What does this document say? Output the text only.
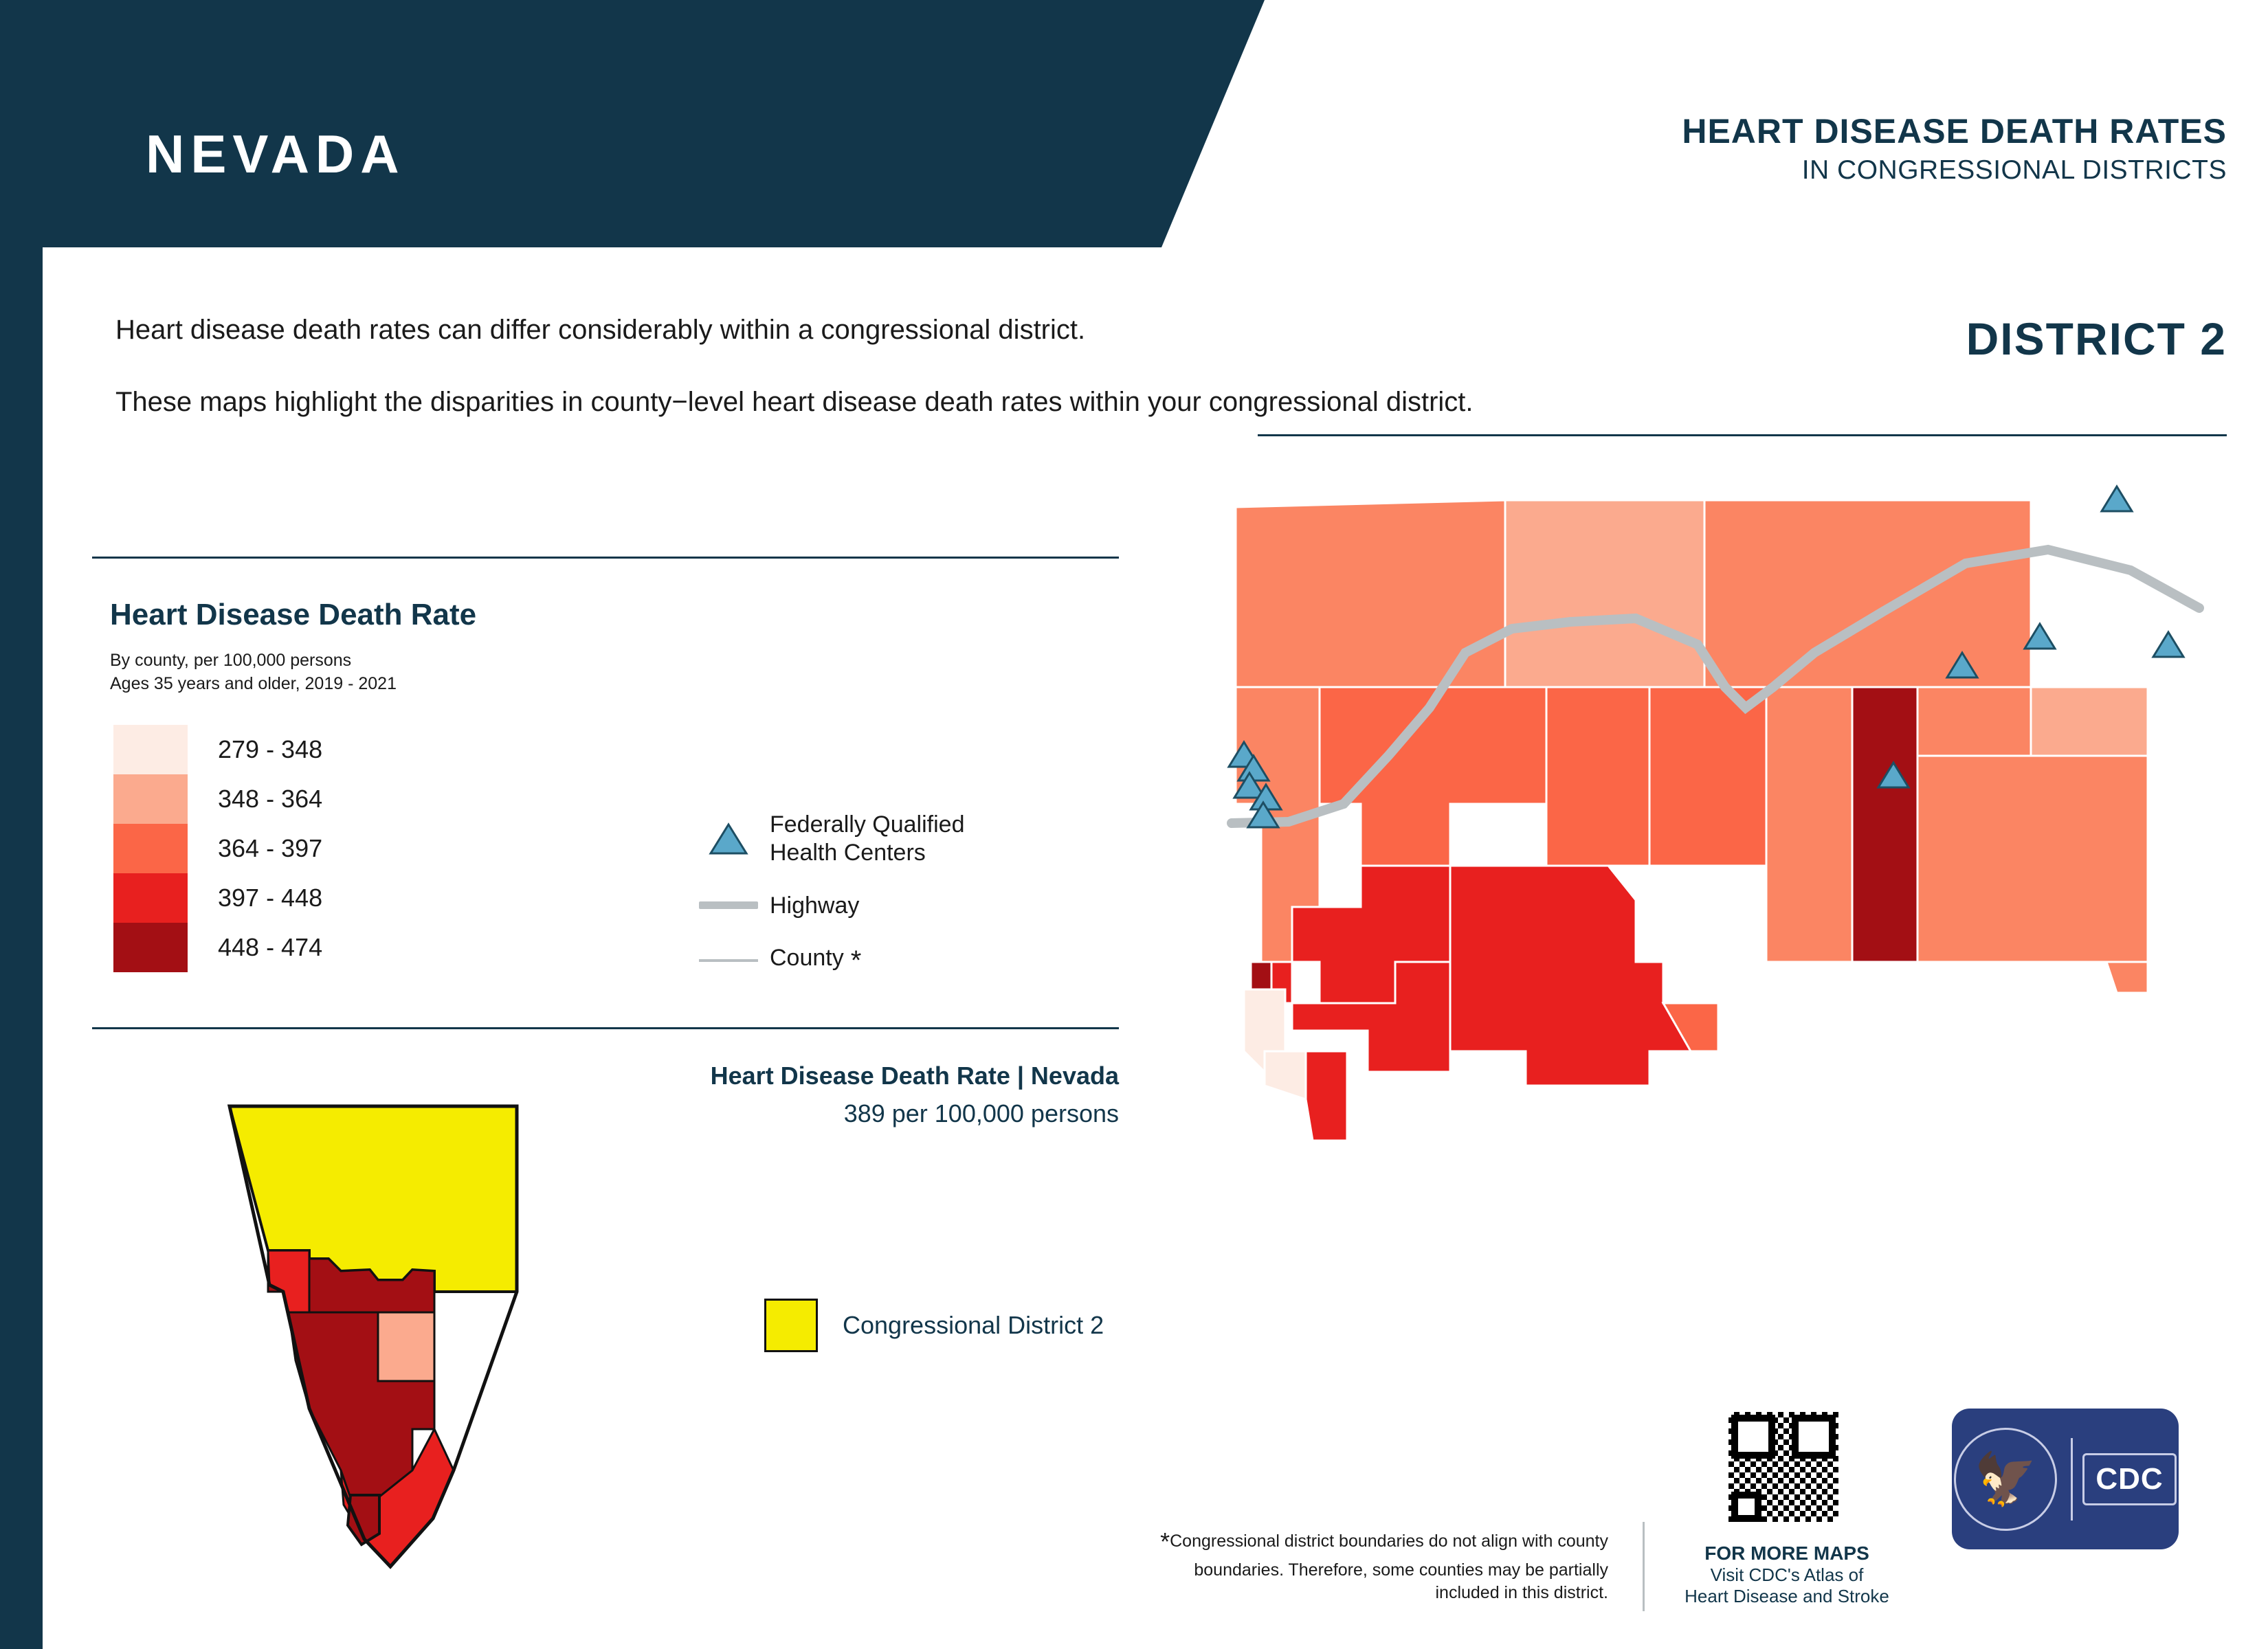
NEVADA	HEART DISEASE DEATH RATES
IN CONGRESSIONAL DISTRICTS

Heart disease death rates can differ considerably within a congressional district.

These maps highlight the disparities in county−level heart disease death rates within your congressional district.

DISTRICT 2
Heart Disease Death Rate
By county, per 100,000 persons
Ages 35 years and older, 2019 - 2021
279 - 348
348 - 364
364 - 397
397 - 448
448 - 474
Federally Qualified
Health Centers
Highway
County *
Heart Disease Death Rate | Nevada
389 per 100,000 persons
Congressional District 2
*Congressional district boundaries do not align with county boundaries. Therefore, some counties may be partially included in this district.
FOR MORE MAPS
Visit CDC's Atlas of
Heart Disease and Stroke
🦅 CDC
